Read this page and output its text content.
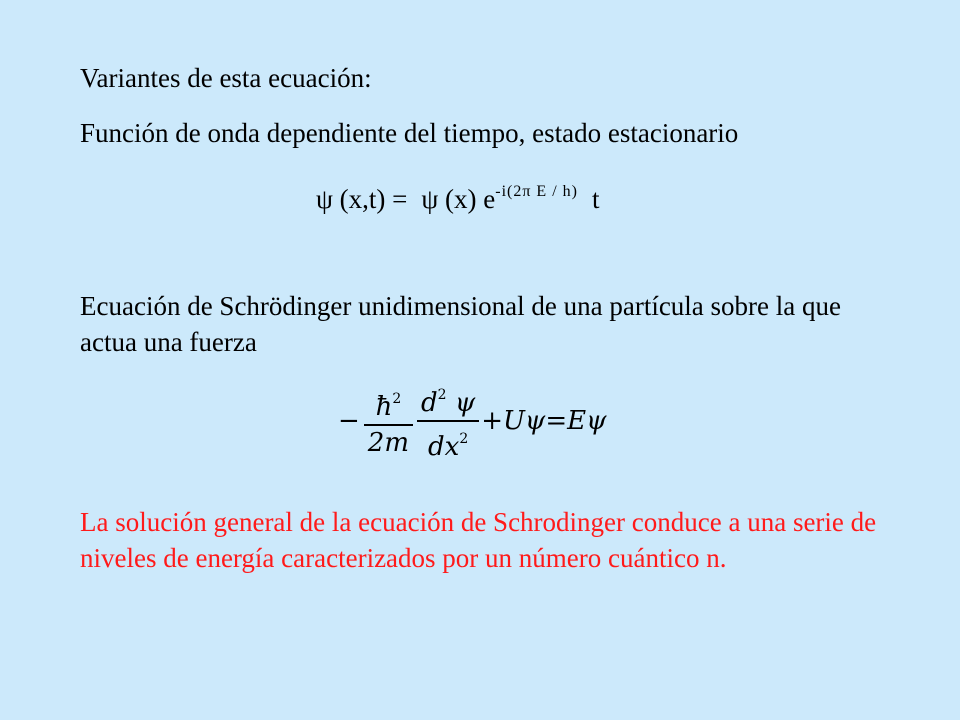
Variantes de esta ecuación:
Función de onda dependiente del tiempo, estado estacionario
ψ (x,t) = ψ (x) $e^{-i(2\pi E / h)}$ t
Ecuación de Schrödinger unidimensional de una partícula sobre la que actua una fuerza
− $\frac{ħ^2}{2m} \frac{d^2 \psi}{dx^2} +U\psi=E\psi$
La solución general de la ecuación de Schrodinger conduce a una serie de niveles de energía caracterizados por un número cuántico n.
